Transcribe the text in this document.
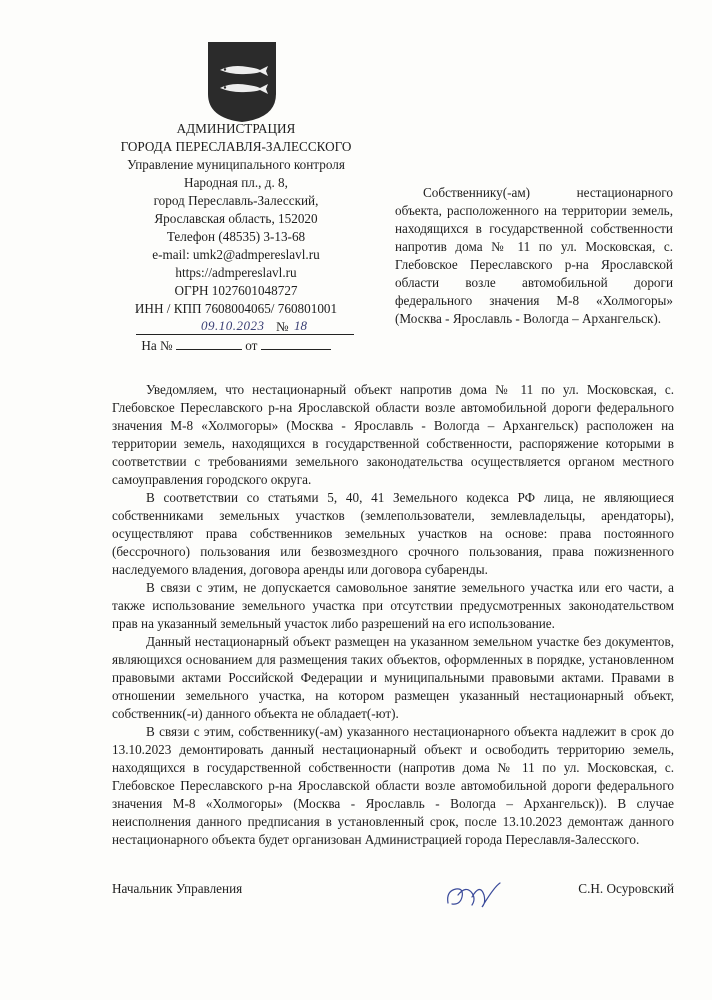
АДМИНИСТРАЦИЯ
ГОРОДА ПЕРЕСЛАВЛЯ-ЗАЛЕССКОГО
Управление муниципального контроля
Народная пл., д. 8,
город Переславль-Залесский,
Ярославская область, 152020
Телефон (48535) 3-13-68
e-mail: umk2@admpereslavl.ru
https://admpereslavl.ru
ОГРН 1027601048727
ИНН / КПП 7608004065/ 760801001
09.10.2023 № 18
На №	от
Собственнику(-ам) нестационарного объекта, расположенного на территории земель, находящихся в государственной собственности напротив дома № 11 по ул. Московская, с. Глебовское Переславского р-на Ярославской области возле автомобильной дороги федерального значения М-8 «Холмогоры» (Москва - Ярославль - Вологда – Архангельск).

Уведомляем, что нестационарный объект напротив дома № 11 по ул. Московская, с. Глебовское Переславского р-на Ярославской области возле автомобильной дороги федерального значения М-8 «Холмогоры» (Москва - Ярославль - Вологда – Архангельск) расположен на территории земель, находящихся в государственной собственности, распоряжение которыми в соответствии с требованиями земельного законодательства осуществляется органом местного самоуправления городского округа.

В соответствии со статьями 5, 40, 41 Земельного кодекса РФ лица, не являющиеся собственниками земельных участков (землепользователи, землевладельцы, арендаторы), осуществляют права собственников земельных участков на основе: права постоянного (бессрочного) пользования или безвозмездного срочного пользования, права пожизненного наследуемого владения, договора аренды или договора субаренды.

В связи с этим, не допускается самовольное занятие земельного участка или его части, а также использование земельного участка при отсутствии предусмотренных законодательством прав на указанный земельный участок либо разрешений на его использование.

Данный нестационарный объект размещен на указанном земельном участке без документов, являющихся основанием для размещения таких объектов, оформленных в порядке, установленном правовыми актами Российской Федерации и муниципальными правовыми актами. Правами в отношении земельного участка, на котором размещен указанный нестационарный объект, собственник(-и) данного объекта не обладает(-ют).

В связи с этим, собственнику(-ам) указанного нестационарного объекта надлежит в срок до 13.10.2023 демонтировать данный нестационарный объект и освободить территорию земель, находящихся в государственной собственности (напротив дома № 11 по ул. Московская, с. Глебовское Переславского р-на Ярославской области возле автомобильной дороги федерального значения М-8 «Холмогоры» (Москва - Ярославль - Вологда – Архангельск)). В случае неисполнения данного предписания в установленный срок, после 13.10.2023 демонтаж данного нестационарного объекта будет организован Администрацией города Переславля-Залесского.

Начальник Управления	С.Н. Осуровский
